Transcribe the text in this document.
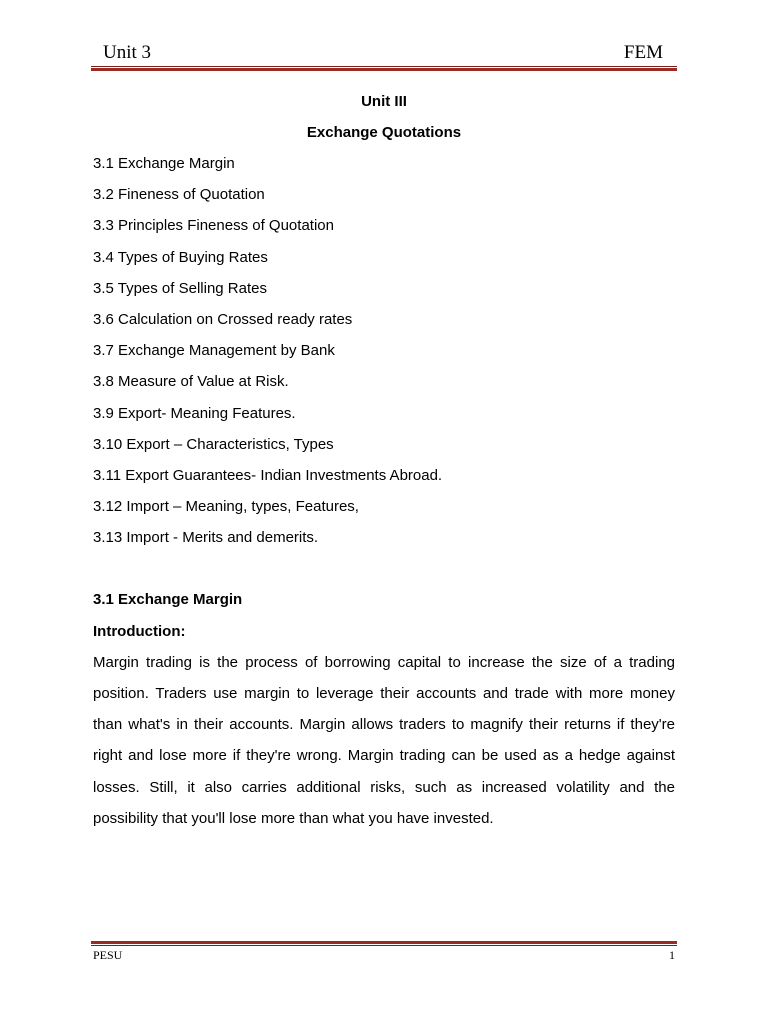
Unit 3	FEM
Unit III
Exchange Quotations
3.1 Exchange Margin
3.2 Fineness of Quotation
3.3 Principles Fineness of Quotation
3.4 Types of Buying Rates
3.5 Types of Selling Rates
3.6 Calculation on Crossed ready rates
3.7 Exchange Management by Bank
3.8 Measure of Value at Risk.
3.9 Export- Meaning Features.
3.10 Export – Characteristics, Types
3.11 Export Guarantees- Indian Investments Abroad.
3.12 Import – Meaning, types, Features,
3.13 Import - Merits and demerits.
3.1 Exchange Margin
Introduction:

Margin trading is the process of borrowing capital to increase the size of a trading position. Traders use margin to leverage their accounts and trade with more money than what's in their accounts. Margin allows traders to magnify their returns if they're right and lose more if they're wrong. Margin trading can be used as a hedge against losses. Still, it also carries additional risks, such as increased volatility and the possibility that you'll lose more than what you have invested.

PESU	1
